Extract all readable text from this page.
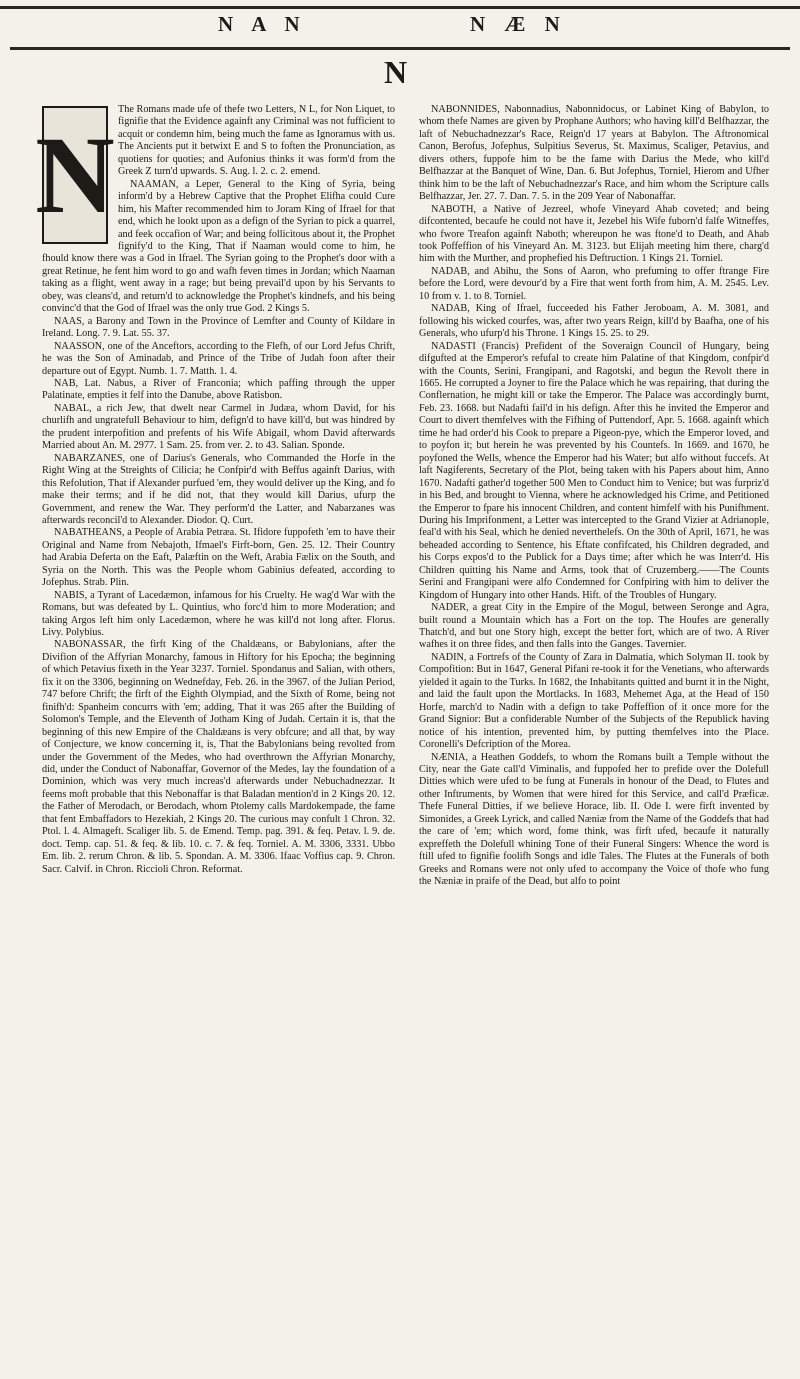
N A N	N Æ N
N
N

The Romans made ufe of thefe two Letters, N L, for Non Liquet, to fignifie that the Evidence againft any Criminal was not fufficient to acquit or condemn him, being much the fame as Ignoramus with us. The Ancients put it betwixt E and S to foften the Pronunciation, as quotiens for quoties; and Aufonius thinks it was form'd from the Greek Z turn'd upwards. S. Aug. l. 2. c. 2. emend.

NAAMAN, a Leper, General to the King of Syria, being inform'd by a Hebrew Captive that the Prophet Elifha could Cure him, his Mafter recommended him to Joram King of Ifrael for that end, which he lookt upon as a defign of the Syrian to pick a quarrel, and feek occafion of War; and being follicitous about it, the Prophet fignify'd to the King, That if Naaman would come to him, he fhould know there was a God in Ifrael. The Syrian going to the Prophet's door with a great Retinue, he fent him word to go and wafh feven times in Jordan; which Naaman taking as a flight, went away in a rage; but being prevail'd upon by his Servants to obey, was cleans'd, and return'd to acknowledge the Prophet's kindnefs, and his being convinc'd that the God of Ifrael was the only true God. 2 Kings 5.

NAAS, a Barony and Town in the Province of Lemfter and County of Kildare in Ireland. Long. 7. 9. Lat. 55. 37.

NAASSON, one of the Anceftors, according to the Flefh, of our Lord Jefus Chrift, he was the Son of Aminadab, and Prince of the Tribe of Judah foon after their departure out of Egypt. Numb. 1. 7. Matth. 1. 4.

NAB, Lat. Nabus, a River of Franconia; which paffing through the upper Palatinate, empties it felf into the Danube, above Ratisbon.

NABAL, a rich Jew, that dwelt near Carmel in Judæa, whom David, for his churlifh and ungratefull Behaviour to him, defign'd to have kill'd, but was hindred by the prudent interpofition and prefents of his Wife Abigail, whom David afterwards Married about An. M. 2977. 1 Sam. 25. from ver. 2. to 43. Salian. Sponde.

NABARZANES, one of Darius's Generals, who Commanded the Horfe in the Right Wing at the Streights of Cilicia; he Confpir'd with Beffus againft Darius, with this Refolution, That if Alexander purfued 'em, they would deliver up the King, and fo make their terms; and if he did not, that they would kill Darius, ufurp the Government, and renew the War. They perform'd the Latter, and Nabarzanes was afterwards reconcil'd to Alexander. Diodor. Q. Curt.

NABATHEANS, a People of Arabia Petræa. St. Ifidore fuppofeth 'em to have their Original and Name from Nebajoth, Ifmael's Firft-born, Gen. 25. 12. Their Country had Arabia Deferta on the Eaft, Palæftin on the Weft, Arabia Fælix on the South, and Syria on the North. This was the People whom Gabinius defeated, according to Jofephus. Strab. Plin.

NABIS, a Tyrant of Lacedæmon, infamous for his Cruelty. He wag'd War with the Romans, but was defeated by L. Quintius, who forc'd him to more Moderation; and taking Argos left him only Lacedæmon, where he was kill'd not long after. Florus. Livy. Polybius.

NABONASSAR, the firft King of the Chaldæans, or Babylonians, after the Divifion of the Affyrian Monarchy, famous in Hiftory for his Epocha; the beginning of which Petavius fixeth in the Year 3237. Torniel. Spondanus and Salian, with others, fix it on the 3306, beginning on Wednefday, Feb. 26. in the 3967. of the Julian Period, 747 before Chrift; the firft of the Eighth Olympiad, and the Sixth of Rome, being not finifh'd: Spanheim concurrs with 'em; adding, That it was 265 after the Building of Solomon's Temple, and the Eleventh of Jotham King of Judah. Certain it is, that the beginning of this new Empire of the Chaldæans is very obfcure; and all that, by way of Conjecture, we know concerning it, is, That the Babylonians being revolted from under the Government of the Medes, who had overthrown the Affyrian Monarchy, did, under the Conduct of Nabonaffar, Governor of the Medes, lay the foundation of a Dominion, which was very much increas'd afterwards under Nebuchadnezzar. It feems moft probable that this Nebonaffar is that Baladan mention'd in 2 Kings 20. 12. the Father of Merodach, or Berodach, whom Ptolemy calls Mardokempade, the fame that fent Embaffadors to Hezekiah, 2 Kings 20. The curious may confult 1 Chron. 32. Ptol. l. 4. Almageft. Scaliger lib. 5. de Emend. Temp. pag. 391. & feq. Petav. l. 9. de. doct. Temp. cap. 51. & feq. & lib. 10. c. 7. & feq. Torniel. A. M. 3306, 3331. Ubbo Em. lib. 2. rerum Chron. & lib. 5. Spondan. A. M. 3306. Ifaac Voffius cap. 9. Chron. Sacr. Calvif. in Chron. Riccioli Chron. Reformat.

NABONNIDES, Nabonnadius, Nabonnidocus, or Labinet King of Babylon, to whom thefe Names are given by Prophane Authors; who having kill'd Belfhazzar, the laft of Nebuchadnezzar's Race, Reign'd 17 years at Babylon. The Aftronomical Canon, Berofus, Jofephus, Sulpitius Severus, St. Maximus, Scaliger, Petavius, and divers others, fuppofe him to be the fame with Darius the Mede, who kill'd Belfhazzar at the Banquet of Wine, Dan. 6. But Jofephus, Torniel, Hierom and Ufher think him to be the laft of Nebuchadnezzar's Race, and him whom the Scripture calls Belfhazzar, Jer. 27. 7. Dan. 7. 5. in the 209 Year of Nabonaffar.

NABOTH, a Native of Jezreel, whofe Vineyard Ahab coveted; and being difcontented, becaufe he could not have it, Jezebel his Wife fuborn'd falfe Witneffes, who fwore Treafon againft Naboth; whereupon he was ftone'd to Death, and Ahab took Poffeffion of his Vineyard An. M. 3123. but Elijah meeting him there, charg'd him with the Murther, and prophefied his Deftruction. 1 Kings 21. Torniel.

NADAB, and Abihu, the Sons of Aaron, who prefuming to offer ftrange Fire before the Lord, were devour'd by a Fire that went forth from him, A. M. 2545. Lev. 10 from v. 1. to 8. Torniel.

NADAB, King of Ifrael, fucceeded his Father Jeroboam, A. M. 3081, and following his wicked courfes, was, after two years Reign, kill'd by Baafha, one of his Generals, who ufurp'd his Throne. 1 Kings 15. 25. to 29.

NADASTI (Francis) Prefident of the Soveraign Council of Hungary, being difgufted at the Emperor's refufal to create him Palatine of that Kingdom, confpir'd with the Counts, Serini, Frangipani, and Ragotski, and begun the Revolt there in 1665. He corrupted a Joyner to fire the Palace which he was repairing, that during the Conflernation, he might kill or take the Emperor. The Palace was accordingly burnt, Feb. 23. 1668. but Nadafti fail'd in his defign. After this he invited the Emperor and Court to divert themfelves with the Fifhing of Puttendorf, Apr. 5. 1668. againft which time he had order'd his Cook to prepare a Pigeon-pye, which the Emperor loved, and to poyfon it; but herein he was prevented by his Countefs. In 1669. and 1670, he poyfoned the Wells, whence the Emperor had his Water; but alfo without fuccefs. At laft Nagiferents, Secretary of the Plot, being taken with his Papers about him, Anno 1670. Nadafti gather'd together 500 Men to Conduct him to Venice; but was furpriz'd in his Bed, and brought to Vienna, where he acknowledged his Crime, and Petitioned the Emperor to fpare his innocent Children, and content himfelf with his Punifhment. During his Imprifonment, a Letter was intercepted to the Grand Vizier at Adrianople, feal'd with his Seal, which he denied neverthelefs. On the 30th of April, 1671, he was beheaded according to Sentence, his Eftate confifcated, his Children degraded, and his Corps expos'd to the Publick for a Days time; after which he was Interr'd. His Children quitting his Name and Arms, took that of Cruzemberg.——The Counts Serini and Frangipani were alfo Condemned for Confpiring with him to deliver the Kingdom of Hungary into other Hands. Hift. of the Troubles of Hungary.

NADER, a great City in the Empire of the Mogul, between Seronge and Agra, built round a Mountain which has a Fort on the top. The Houfes are generally Thatch'd, and but one Story high, except the better fort, which are of two. A River wafhes it on three fides, and then falls into the Ganges. Tavernier.

NADIN, a Fortrefs of the County of Zara in Dalmatia, which Solyman II. took by Compofition: But in 1647, General Pifani re-took it for the Venetians, who afterwards yielded it again to the Turks. In 1682, the Inhabitants quitted and burnt it in the Night, and laid the fault upon the Mortlacks. In 1683, Mehemet Aga, at the Head of 150 Horfe, march'd to Nadin with a defign to take Poffeffion of it once more for the Grand Signior: But a confiderable Number of the Subjects of the Republick having notice of his intention, prevented him, by putting themfelves into the Place. Coronelli's Defcription of the Morea.

NÆNIA, a Heathen Goddefs, to whom the Romans built a Temple without the City, near the Gate call'd Viminalis, and fuppofed her to prefide over the Dolefull Ditties which were ufed to be fung at Funerals in honour of the Dead, to Flutes and other Inftruments, by Women that were hired for this Service, and call'd Præficæ. Thefe Funeral Ditties, if we believe Horace, lib. II. Ode I. were firft invented by Simonides, a Greek Lyrick, and called Næniæ from the Name of the Goddefs that had the care of 'em; which word, fome think, was firft ufed, becaufe it naturally expreffeth the Dolefull whining Tone of their Funeral Singers: Whence the word is ftill ufed to fignifie foolifh Songs and idle Tales. The Flutes at the Funerals of both Greeks and Romans were not only ufed to accompany the Voice of thofe who fung the Næniæ in praife of the Dead, but alfo to point
